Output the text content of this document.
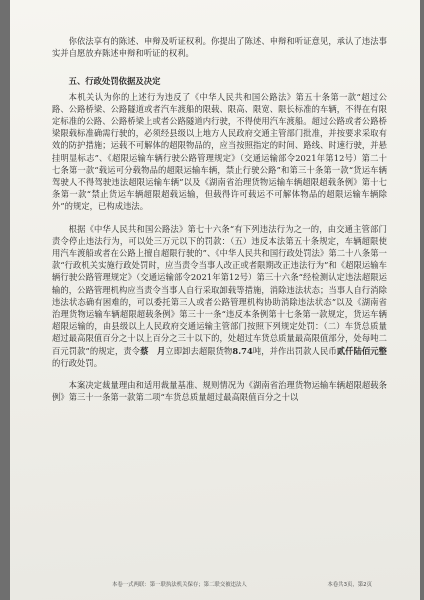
你依法享有的陈述、申辩及听证权利。你提出了陈述、申辩和听证意见，承认了违法事实并自愿放弃陈述申辩和听证的权利。

五、行政处罚依据及决定

本机关认为你的上述行为违反了《中华人民共和国公路法》第五十条第一款“超过公路、公路桥梁、公路隧道或者汽车渡船的限载、限高、限宽、限长标准的车辆，不得在有限定标准的公路、公路桥梁上或者公路隧道内行驶，不得使用汽车渡船。超过公路或者公路桥梁限载标准确需行驶的，必须经县级以上地方人民政府交通主管部门批准，并按要求采取有效的防护措施；运载不可解体的超限物品的，应当按照指定的时间、路线、时速行驶，并悬挂明显标志”、《超限运输车辆行驶公路管理规定》（交通运输部令2021年第12号）第二十七条第一款“载运可分载物品的超限运输车辆，禁止行驶公路”和第三十条第一款“货运车辆驾驶人不得驾驶违法超限运输车辆”以及《湖南省治理货物运输车辆超限超载条例》第十七条第一款“禁止货运车辆超限超载运输，但载得许可载运不可解体物品的超限运输车辆除外”的规定，已构成违法。

根据《中华人民共和国公路法》第七十六条“有下列违法行为之一的，由交通主管部门责令停止违法行为，可以处三万元以下的罚款：（五）违反本法第五十条规定，车辆超限使用汽车渡船或者在公路上擅自超限行驶的”、《中华人民共和国行政处罚法》第二十八条第一款“行政机关实施行政处罚时，应当责令当事人改正或者限期改正违法行为”和《超限运输车辆行驶公路管理规定》（交通运输部令2021年第12号）第三十六条“经检测认定违法超限运输的，公路管理机构应当责令当事人自行采取卸载等措施，消除违法状态；当事人自行消除违法状态确有困难的，可以委托第三人或者公路管理机构协助消除违法状态”以及《湖南省治理货物运输车辆超限超载条例》第三十一条“违反本条例第十七条第一款规定，货运车辆超限运输的，由县级以上人民政府交通运输主管部门按照下列规定处罚：（二）车货总质量超过最高限值百分之十以上百分之三十以下的，处超过车货总质量最高限值部分，处每吨二百元罚款”的规定，责令蔡　月立即卸去超限货物8.74吨，并作出罚款人民币贰仟陆佰元整的行政处罚。

本案决定裁量理由和适用裁量基准、规则情况为《湖南省治理货物运输车辆超限超载条例》第三十一条第一款第二项“车货总质量超过最高限值百分之十以

本卷一式两联：第一联执法机关保存；第二联交被违法人	本卷共3页，第2页
